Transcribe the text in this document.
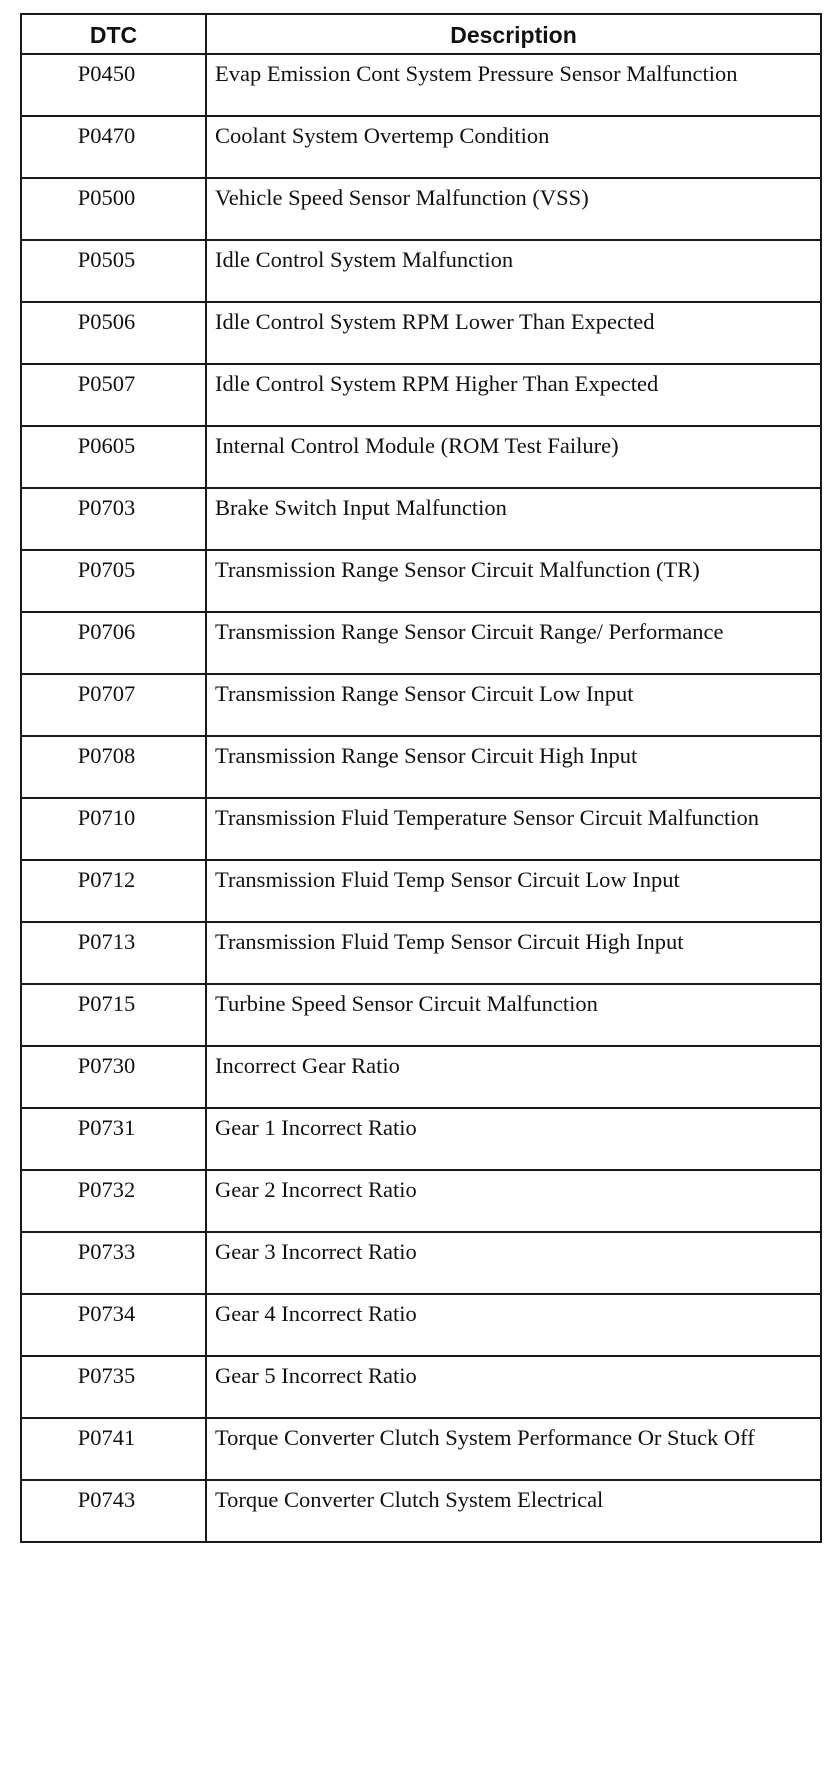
DTC	Description
P0450	Evap Emission Cont System Pressure Sensor Malfunction
P0470	Coolant System Overtemp Condition
P0500	Vehicle Speed Sensor Malfunction (VSS)
P0505	Idle Control System Malfunction
P0506	Idle Control System RPM Lower Than Expected
P0507	Idle Control System RPM Higher Than Expected
P0605	Internal Control Module (ROM Test Failure)
P0703	Brake Switch Input Malfunction
P0705	Transmission Range Sensor Circuit Malfunction (TR)
P0706	Transmission Range Sensor Circuit Range/ Performance
P0707	Transmission Range Sensor Circuit Low Input
P0708	Transmission Range Sensor Circuit High Input
P0710	Transmission Fluid Temperature Sensor Circuit Malfunction
P0712	Transmission Fluid Temp Sensor Circuit Low Input
P0713	Transmission Fluid Temp Sensor Circuit High Input
P0715	Turbine Speed Sensor Circuit Malfunction
P0730	Incorrect Gear Ratio
P0731	Gear 1 Incorrect Ratio
P0732	Gear 2 Incorrect Ratio
P0733	Gear 3 Incorrect Ratio
P0734	Gear 4 Incorrect Ratio
P0735	Gear 5 Incorrect Ratio
P0741	Torque Converter Clutch System Performance Or Stuck Off
P0743	Torque Converter Clutch System Electrical
